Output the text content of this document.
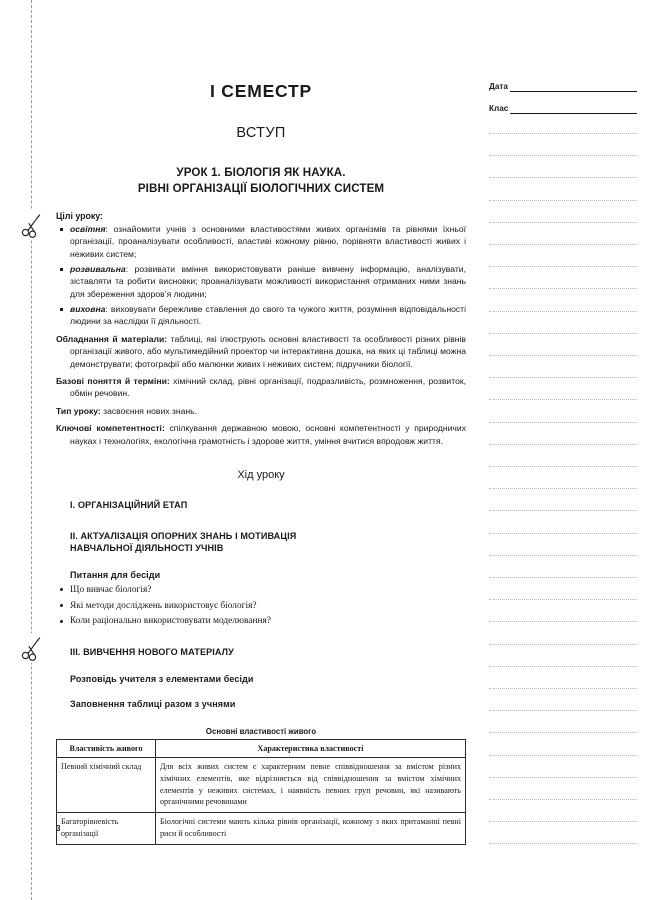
I СЕМЕСТР
ВСТУП
УРОК 1. БІОЛОГІЯ ЯК НАУКА.
РІВНІ ОРГАНІЗАЦІЇ БІОЛОГІЧНИХ СИСТЕМ
Цілі уроку:
освітня: ознайомити учнів з основними властивостями живих організмів та рівнями їхньої організації, проаналізувати особливості, властиві кожному рівню, порівняти властивості живих і неживих систем;
розвивальна: розвивати вміння використовувати раніше вивчену інформацію, аналізувати, зіставляти та робити висновки; проаналізувати можливості використання отриманих ними знань для збереження здоров’я людини;
виховна: виховувати бережливе ставлення до свого та чужого життя, розуміння відповідальності людини за наслідки її діяльності.
Обладнання й матеріали: таблиці, які ілюструють основні властивості та особливості різних рівнів організації живого, або мультимедійний проектор чи інтерактивна дошка, на яких ці таблиці можна демонструвати; фотографії або малюнки живих і неживих систем; підручники біології.
Базові поняття й терміни: хімічний склад, рівні організації, подразливість, розмноження, розвиток, обмін речовин.
Тип уроку: засвоєння нових знань.
Ключові компетентності: спілкування державною мовою, основні компетентності у природничих науках і технологіях, екологічна грамотність і здорове життя, уміння вчитися впродовж життя.
Хід уроку
I. ОРГАНІЗАЦІЙНИЙ ЕТАП
II. АКТУАЛІЗАЦІЯ ОПОРНИХ ЗНАНЬ І МОТИВАЦІЯ
НАВЧАЛЬНОЇ ДІЯЛЬНОСТІ УЧНІВ
Питання для бесіди
Що вивчає біологія?
Які методи досліджень використовує біологія?
Коли раціонально використовувати моделювання?
III. ВИВЧЕННЯ НОВОГО МАТЕРІАЛУ
Розповідь учителя з елементами бесіди
Заповнення таблиці разом з учнями
Основні властивості живого
Властивість живого	Характеристика властивості
Певний хімічний склад	Для всіх живих систем є характерним певне співвідношення за вмістом різних хімічних елементів, яке відрізняється від співвідношення за вмістом хімічних елементів у неживих системах, і наявність певних груп речовин, які називають органічними речовинами
Багаторівневість організації	Біологічні системи мають кілька рівнів організації, кожному з яких притаманні певні риси й особливості
3
Дата
Клас
